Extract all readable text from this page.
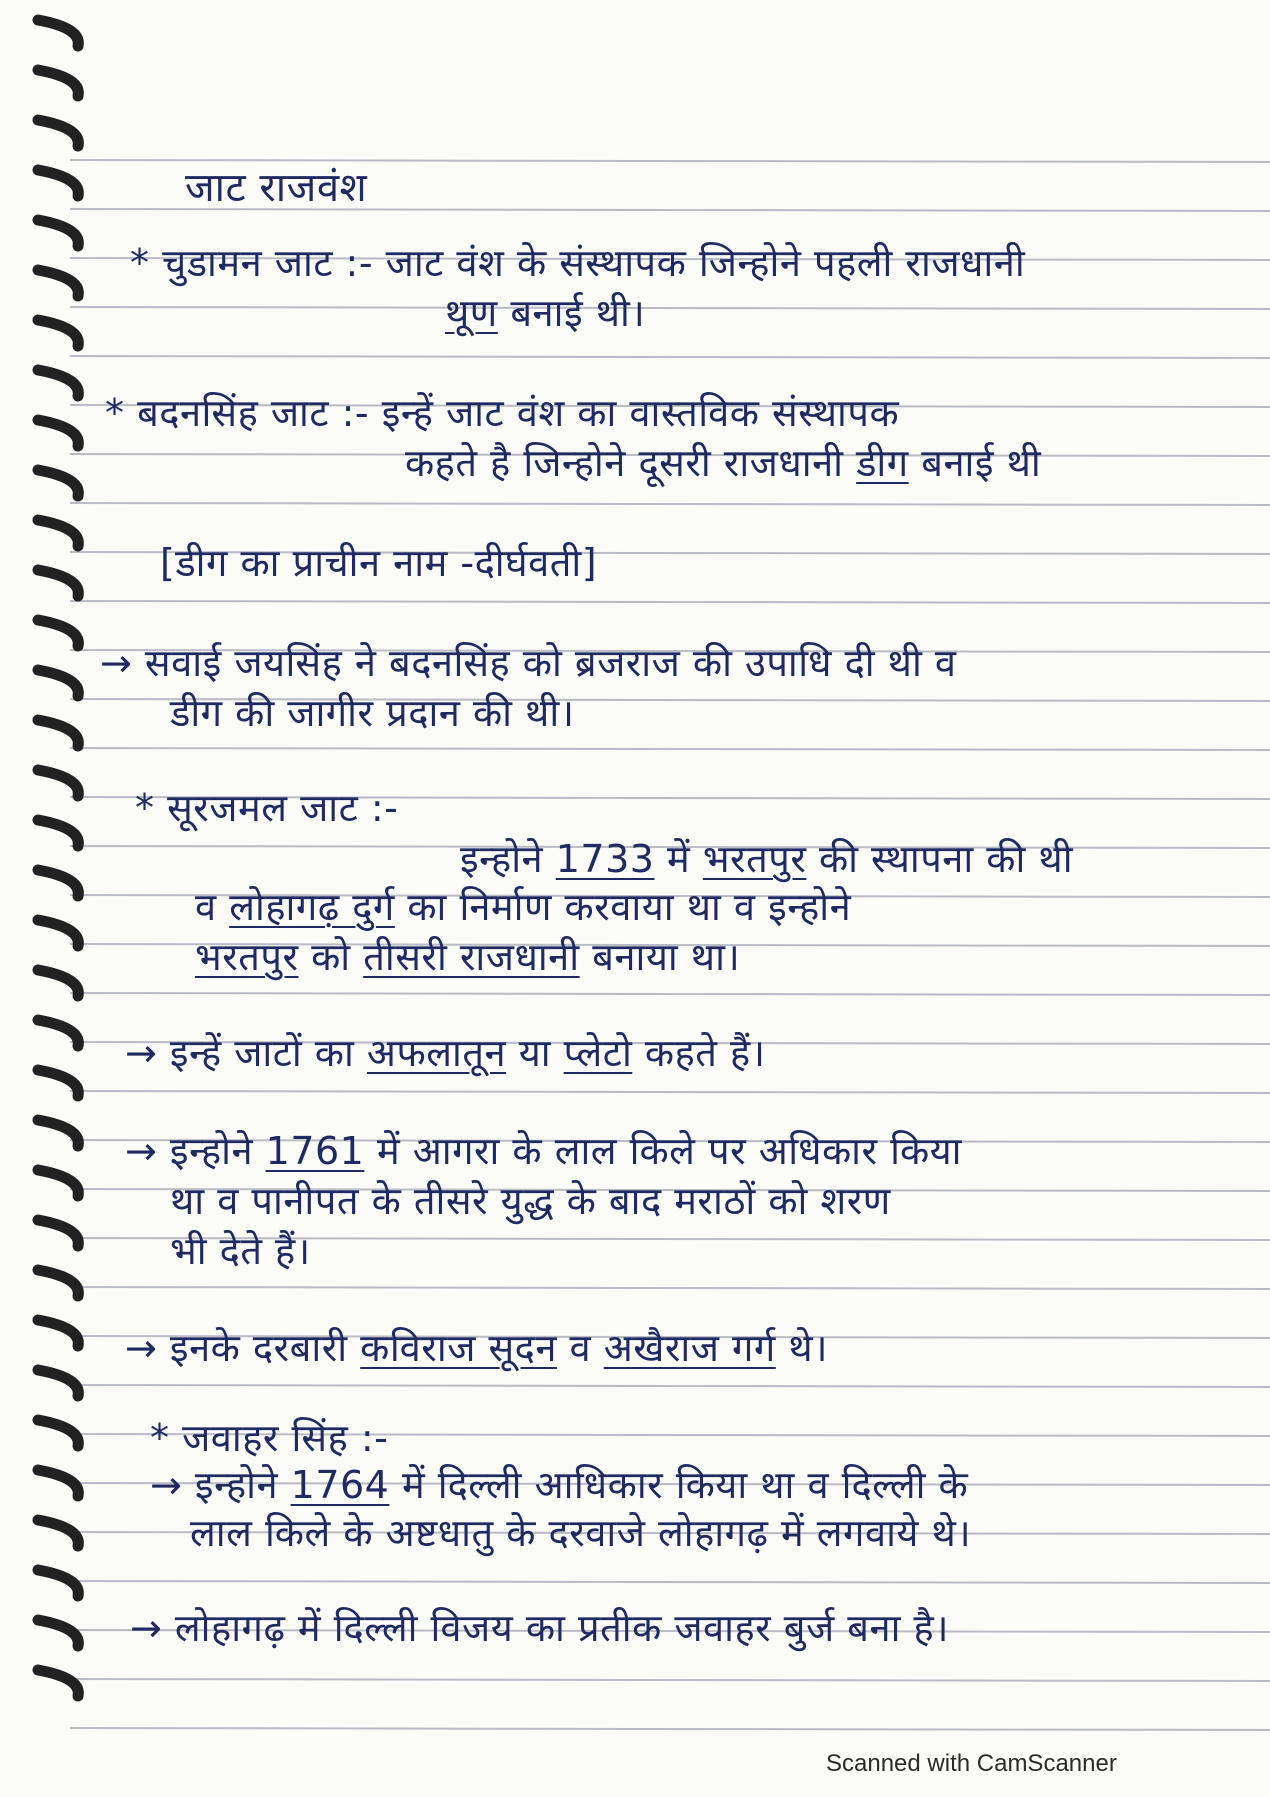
जाट राजवंश
* चुडामन जाट :- जाट वंश के संस्थापक जिन्होने पहली राजधानी
थूण बनाई थी।
* बदनसिंह जाट :- इन्हें जाट वंश का वास्तविक संस्थापक
कहते है जिन्होने दूसरी राजधानी डीग बनाई थी
[डीग का प्राचीन नाम -दीर्घवती]
→ सवाई जयसिंह ने बदनसिंह को ब्रजराज की उपाधि दी थी व
डीग की जागीर प्रदान की थी।
* सूरजमल जाट :-
इन्होने 1733 में भरतपुर की स्थापना की थी
व लोहागढ़ दुर्ग का निर्माण करवाया था व इन्होने
भरतपुर को तीसरी राजधानी बनाया था।
→ इन्हें जाटों का अफलातून या प्लेटो कहते हैं।
→ इन्होने 1761 में आगरा के लाल किले पर अधिकार किया
था व पानीपत के तीसरे युद्ध के बाद मराठों को शरण
भी देते हैं।
→ इनके दरबारी कविराज सूदन व अखैराज गर्ग थे।
* जवाहर सिंह :-
→ इन्होने 1764 में दिल्ली आधिकार किया था व दिल्ली के
लाल किले के अष्टधातु के दरवाजे लोहागढ़ में लगवाये थे।
→ लोहागढ़ में दिल्ली विजय का प्रतीक जवाहर बुर्ज बना है।
Scanned with CamScanner
